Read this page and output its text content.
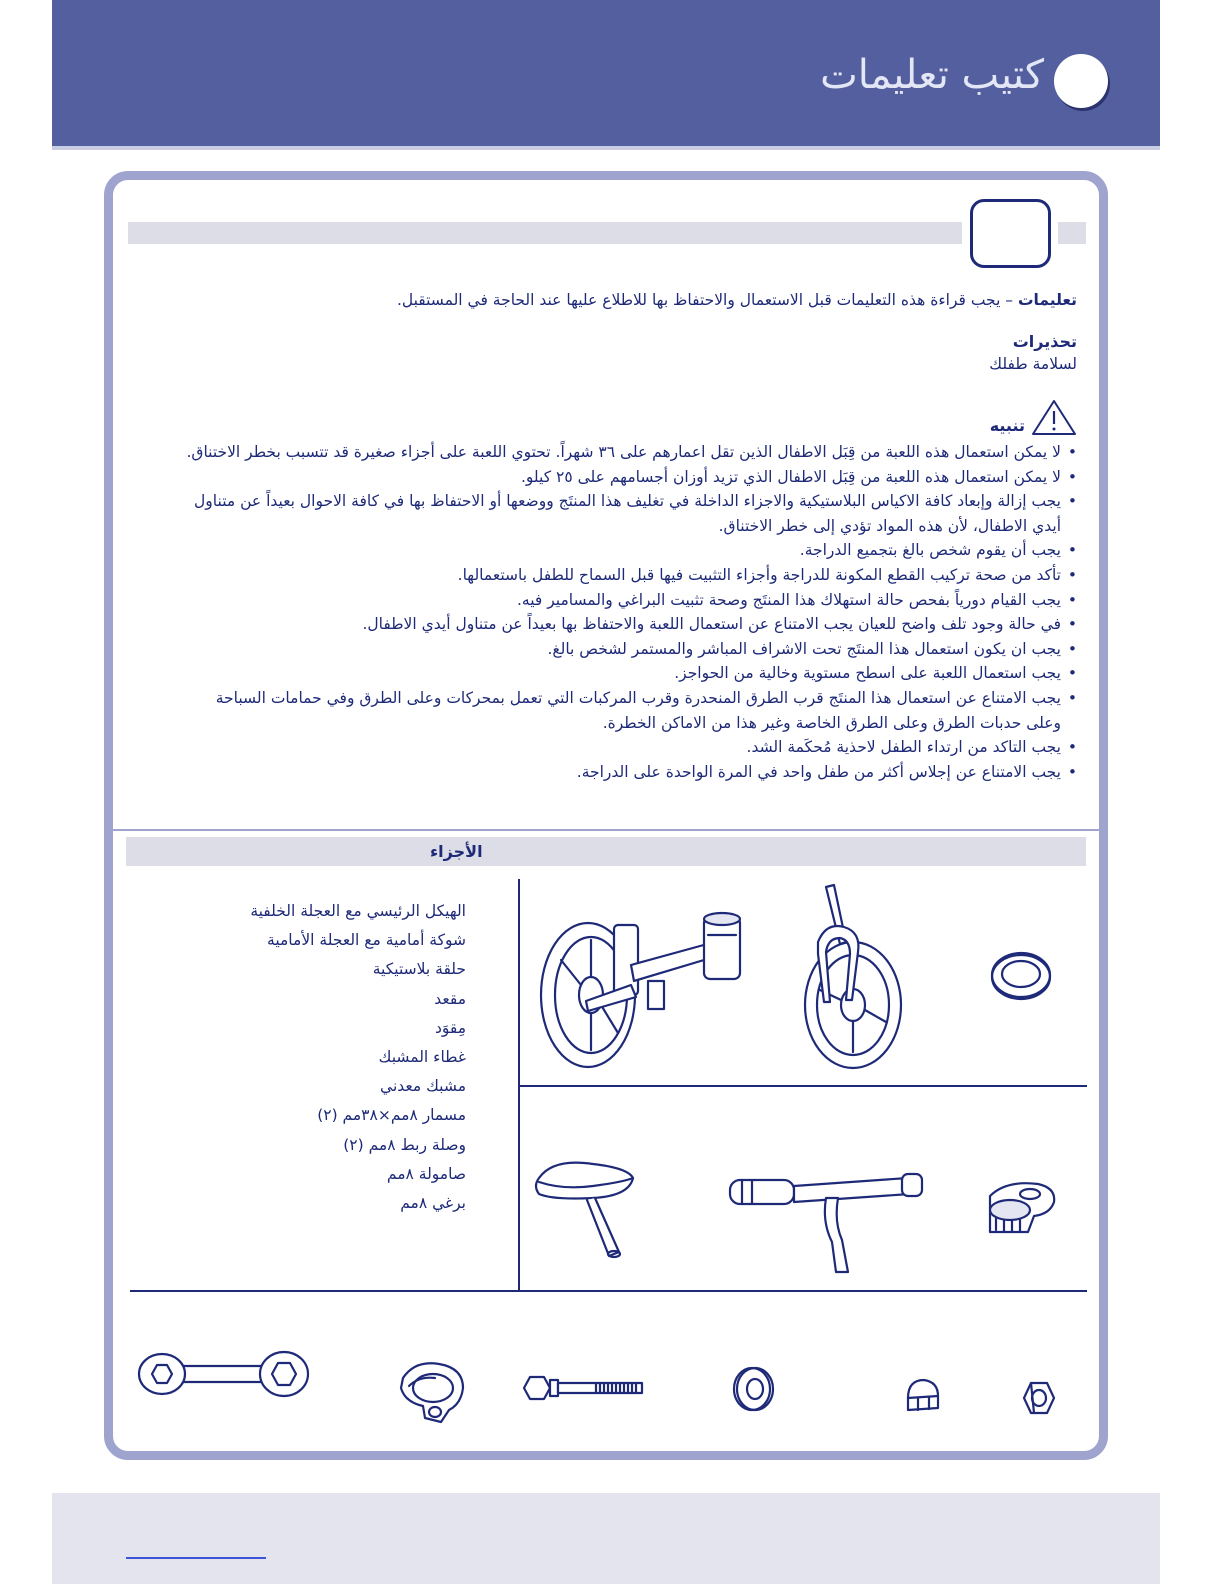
كتيب تعليمات
تعليمات – يجب قراءة هذه التعليمات قبل الاستعمال والاحتفاظ بها للاطلاع عليها عند الحاجة في المستقبل.
تحذيرات
لسلامة طفلك
تنبيه
• لا يمكن استعمال هذه اللعبة من قِبَل الاطفال الذين تقل اعمارهم على ٣٦ شهراً. تحتوي اللعبة على أجزاء صغيرة قد تتسبب بخطر الاختناق.
• لا يمكن استعمال هذه اللعبة من قِبَل الاطفال الذي تزيد أوزان أجسامهم على ٢٥ كيلو.
• يجب إزالة وإبعاد كافة الاكياس البلاستيكية والاجزاء الداخلة في تغليف هذا المنتَج ووضعها أو الاحتفاظ بها في كافة الاحوال بعيداً عن متناول أيدي الاطفال، لأن هذه المواد تؤدي إلى خطر الاختناق.
• يجب أن يقوم شخص بالغ بتجميع الدراجة.
• تأكد من صحة تركيب القطع المكونة للدراجة وأجزاء التثبيت فيها قبل السماح للطفل باستعمالها.
• يجب القيام دورياً بفحص حالة استهلاك هذا المنتَج وصحة تثبيت البراغي والمسامير فيه.
• في حالة وجود تلف واضح للعيان يجب الامتناع عن استعمال اللعبة والاحتفاظ بها بعيداً عن متناول أيدي الاطفال.
• يجب ان يكون استعمال هذا المنتَج تحت الاشراف المباشر والمستمر لشخص بالغ.
• يجب استعمال اللعبة على اسطح مستوية وخالية من الحواجز.
• يجب الامتناع عن استعمال هذا المنتَج قرب الطرق المنحدرة وقرب المركبات التي تعمل بمحركات وعلى الطرق وفي حمامات السباحة وعلى حدبات الطرق وعلى الطرق الخاصة وغير هذا من الاماكن الخطرة.
• يجب التاكد من ارتداء الطفل لاحذية مُحكَمة الشد.
• يجب الامتناع عن إجلاس أكثر من طفل واحد في المرة الواحدة على الدراجة.
الأجزاء
الهيكل الرئيسي مع العجلة الخلفية
شوكة أمامية مع العجلة الأمامية
حلقة بلاستيكية
مقعد
مِقوَد
غطاء المشبك
مشبك معدني
مسمار ٨مم×٣٨مم (٢)
وصلة ربط ٨مم (٢)
صامولة ٨مم
برغي ٨مم
